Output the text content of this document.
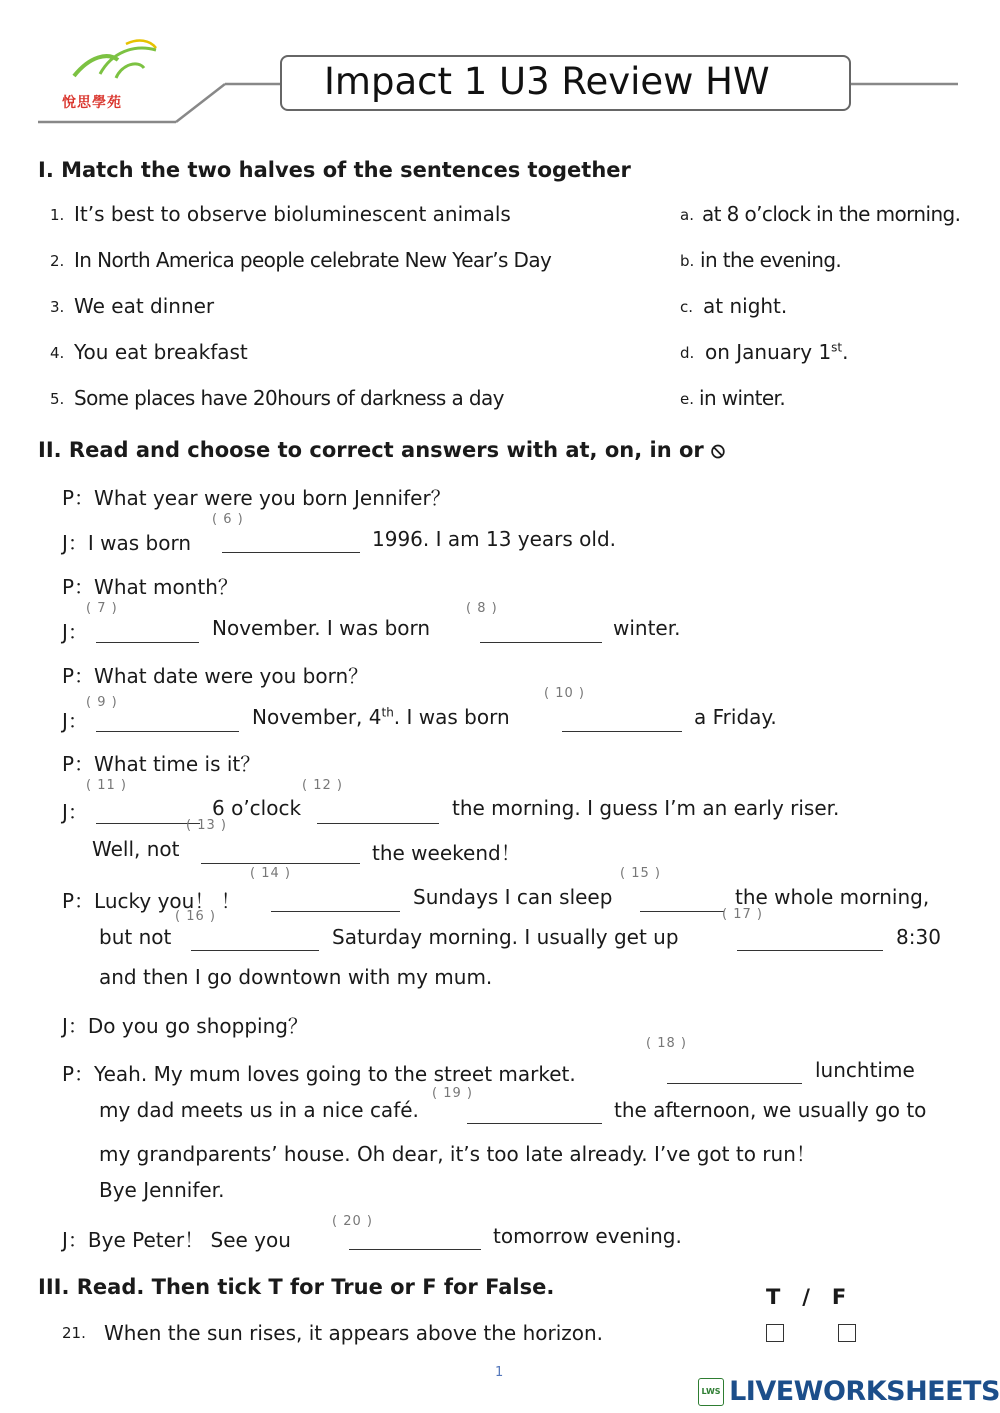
悅思學苑	Impact 1 U3 Review HW
I. Match the two halves of the sentences together
1. It’s best to observe bioluminescent animals	a. at 8 o’clock in the morning.
2. In North America people celebrate New Year’s Day	b. in the evening.
3. We eat dinner	c. at night.
4. You eat breakfast	d. on January 1st.
5. Some places have 20hours of darkness a day	e. in winter.
II. Read and choose to correct answers with at, on, in or ⦸
P：What year were you born Jennifer？
J：I was born
( 6 )
1996. I am 13 years old.
P：What month？
J：
( 7 )
November. I was born
( 8 )
winter.
P：What date were you born？
J：
( 9 )
November, 4th. I was born
( 10 )
a Friday.
P：What time is it？
J：
( 11 )
6 o’clock
( 12 )
the morning. I guess I’m an early riser.
Well, not
( 13 )
the weekend！
P：Lucky you！ ！
( 14 )
Sundays I can sleep
( 15 )
the whole morning,
but not
( 16 )
Saturday morning. I usually get up
( 17 )
8:30
and then I go downtown with my mum.
J：Do you go shopping？
P：Yeah. My mum loves going to the street market.
( 18 )
lunchtime
my dad meets us in a nice café.
( 19 )
the afternoon, we usually go to
my grandparents’ house. Oh dear, it’s too late already. I’ve got to run！
Bye Jennifer.
J：Bye Peter！ See you
( 20 )
tomorrow evening.
III. Read. Then tick T for True or F for False.	T   /   F
21. When the sun rises, it appears above the horizon.
1
LWS LIVEWORKSHEETS
